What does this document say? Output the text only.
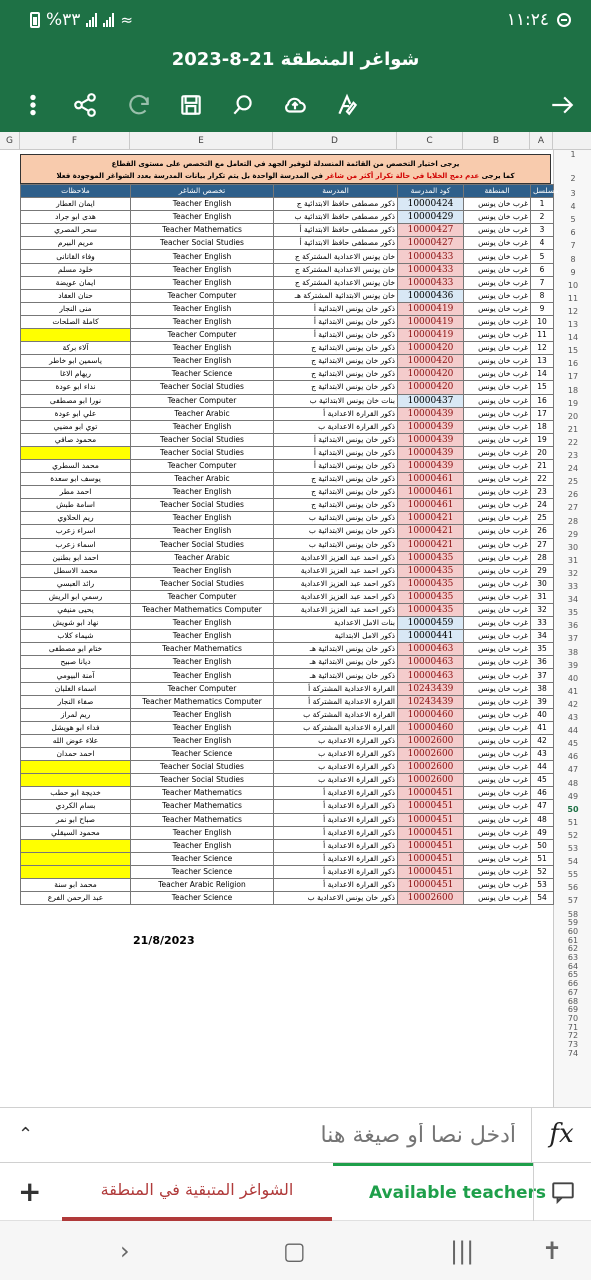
%٣٣	≈	١١:٢٤
شواغر المنطقة 21-8-2023
G	F	E	D	C	B	A
1
2
3
4
5
6
7
8
9
10
11
12
13
14
15
16
17
18
19
20
21
22
23
24
25
26
27
28
29
30
31
32
33
34
35
36
37
38
39
40
41
42
43
44
45
46
47
48
49
50
51
52
53
54
55
56
57
58
59
60
61
62
63
64
65
66
67
68
69
70
71
72
73
74
يرجى اختيار التخصص من القائمة المنسدلة لتوفير الجهد في التعامل مع التخصص على مستوى القطاع
كما يرجى عدم دمج الخلايا في حالة تكرار أكثر من شاغر في المدرسة الواحدة بل يتم تكرار بيانات المدرسة بعدد الشواغر الموجودة فعلا
ملاحظات	تخصص الشاغر	المدرسة	كود المدرسة	المنطقة	مسلسل
ايمان العطار	Teacher English	ذكور مصطفى حافظ الابتدائية ج	10000424	غرب خان يونس	1
هدى ابو جراد	Teacher English	ذكور مصطفى حافظ الابتدائية ب	10000429	غرب خان يونس	2
سحر المصري	Teacher Mathematics	ذكور مصطفى حافظ الابتدائية أ	10000427	غرب خان يونس	3
مريم البيرم	Teacher Social Studies	ذكور مصطفى حافظ الابتدائية أ	10000427	غرب خان يونس	4
وفاء القانانى	Teacher English	خان يونس الاعدادية المشتركة ج	10000433	غرب خان يونس	5
خلود مسلم	Teacher English	خان يونس الاعدادية المشتركة ج	10000433	غرب خان يونس	6
ايمان عويضة	Teacher English	خان يونس الاعدادية المشتركة ج	10000433	غرب خان يونس	7
حنان العقاد	Teacher Computer	خان يونس الابتدائية المشتركة هـ	10000436	غرب خان يونس	8
منى النجار	Teacher English	ذكور خان يونس الابتدائية أ	10000419	غرب خان يونس	9
كاملة الصلحات	Teacher English	ذكور خان يونس الابتدائية أ	10000419	غرب خان يونس	10
	Teacher Computer	ذكور خان يونس الابتدائية أ	10000419	غرب خان يونس	11
آلاء بركة	Teacher English	ذكور خان يونس الابتدائية ج	10000420	غرب خان يونس	12
ياسمين ابو خاطر	Teacher English	ذكور خان يونس الابتدائية ج	10000420	غرب خان يونس	13
ريهام الاغا	Teacher Science	ذكور خان يونس الابتدائية ج	10000420	غرب خان يونس	14
نداء ابو عودة	Teacher Social Studies	ذكور خان يونس الابتدائية ج	10000420	غرب خان يونس	15
نورا ابو مصطفى	Teacher Computer	بنات خان يونس الابتدائية ب	10000437	غرب خان يونس	16
علي ابو عودة	Teacher Arabic	ذكور القرارة الاعدادية أ	10000439	غرب خان يونس	17
توي ابو مضيي	Teacher English	ذكور القرارة الاعدادية ب	10000439	غرب خان يونس	18
محمود صافي	Teacher Social Studies	ذكور خان يونس الابتدائية أ	10000439	غرب خان يونس	19
	Teacher Social Studies	ذكور خان يونس الابتدائية أ	10000439	غرب خان يونس	20
محمد السطري	Teacher Computer	ذكور خان يونس الابتدائية أ	10000439	غرب خان يونس	21
يوسف ابو سعدة	Teacher Arabic	ذكور خان يونس الابتدائية ج	10000461	غرب خان يونس	22
احمد مطر	Teacher English	ذكور خان يونس الابتدائية ج	10000461	غرب خان يونس	23
اسامة طبش	Teacher Social Studies	ذكور خان يونس الابتدائية ج	10000461	غرب خان يونس	24
ريم الحلاوي	Teacher English	ذكور خان يونس الابتدائية ب	10000421	غرب خان يونس	25
اسراء زعرب	Teacher English	ذكور خان يونس الابتدائية ب	10000421	غرب خان يونس	26
اسماء زعرب	Teacher Social Studies	ذكور خان يونس الابتدائية ب	10000421	غرب خان يونس	27
احمد ابو بطنين	Teacher Arabic	ذكور احمد عبد العزيز الاعدادية	10000435	غرب خان يونس	28
محمد الاسطل	Teacher English	ذكور احمد عبد العزيز الاعدادية	10000435	غرب خان يونس	29
رائد العبسي	Teacher Social Studies	ذكور احمد عبد العزيز الاعدادية	10000435	غرب خان يونس	30
رسمي ابو الريش	Teacher Computer	ذكور احمد عبد العزيز الاعدادية	10000435	غرب خان يونس	31
يحيى منيفي	Teacher Mathematics Computer	ذكور احمد عبد العزيز الاعدادية	10000435	غرب خان يونس	32
نهاد ابو شويش	Teacher English	بنات الامل الاعدادية	10000459	غرب خان يونس	33
شيماء كلاب	Teacher English	ذكور الامل الابتدائية	10000441	غرب خان يونس	34
ختام ابو مصطفى	Teacher Mathematics	ذكور خان يونس الابتدائية هـ	10000463	غرب خان يونس	35
ديانا صبيح	Teacher English	ذكور خان يونس الابتدائية هـ	10000463	غرب خان يونس	36
آمنة البيومي	Teacher English	ذكور خان يونس الابتدائية هـ	10000463	غرب خان يونس	37
اسماء الغلبان	Teacher Computer	القرارة الاعدادية المشتركة أ	10243439	غرب خان يونس	38
صفاء النجار	Teacher Mathematics Computer	القرارة الاعدادية المشتركة أ	10243439	غرب خان يونس	39
ريم لمراز	Teacher English	القرارة الاعدادية المشتركة ب	10000460	غرب خان يونس	40
فداء ابو هويشل	Teacher English	القرارة الاعدادية المشتركة ب	10000460	غرب خان يونس	41
علاء عوض الله	Teacher English	ذكور القرارة الاعدادية ب	10002600	غرب خان يونس	42
احمد حمدان	Teacher Science	ذكور القرارة الاعدادية ب	10002600	غرب خان يونس	43
	Teacher Social Studies	ذكور القرارة الاعدادية ب	10002600	غرب خان يونس	44
	Teacher Social Studies	ذكور القرارة الاعدادية ب	10002600	غرب خان يونس	45
خديجة ابو حطب	Teacher Mathematics	ذكور القرارة الاعدادية أ	10000451	غرب خان يونس	46
بسام الكردي	Teacher Mathematics	ذكور القرارة الاعدادية أ	10000451	غرب خان يونس	47
صباح ابو نمر	Teacher Mathematics	ذكور القرارة الاعدادية أ	10000451	غرب خان يونس	48
محمود السيقلي	Teacher English	ذكور القرارة الاعدادية أ	10000451	غرب خان يونس	49
	Teacher English	ذكور القرارة الاعدادية أ	10000451	غرب خان يونس	50
	Teacher Science	ذكور القرارة الاعدادية أ	10000451	غرب خان يونس	51
	Teacher Science	ذكور القرارة الاعدادية أ	10000451	غرب خان يونس	52
محمد ابو سنة	Teacher Arabic Religion	ذكور القرارة الاعدادية أ	10000451	غرب خان يونس	53
عبد الرحمن الفرع	Teacher Science	ذكور خان يونس الاعدادية ب	10002600	غرب خان يونس	54
21/8/2023
⌃
أدخل نصا أو صيغة هنا	fx
+	الشواغر المتبقية في المنطقة	Available teachers
›	▢	|||	✝
